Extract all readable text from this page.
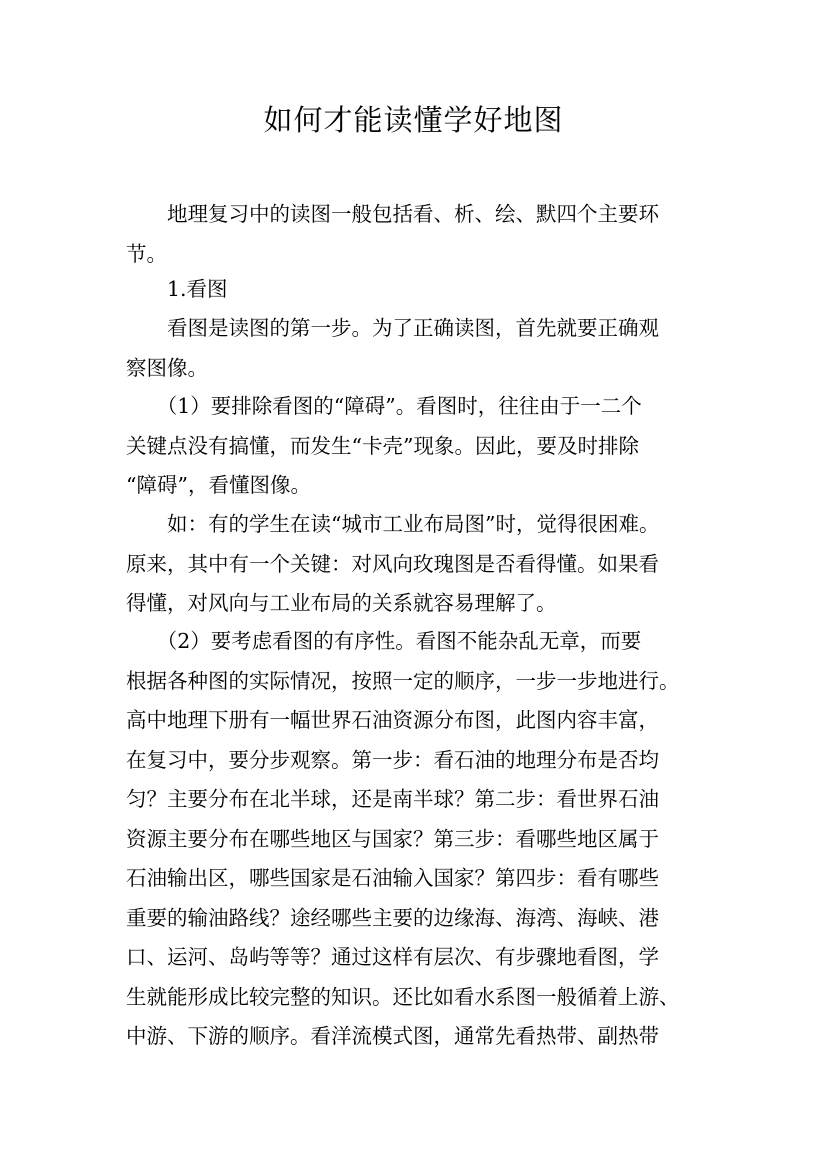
如何才能读懂学好地图
　　地理复习中的读图一般包括看、析、绘、默四个主要环
节。
　　1.看图
　　看图是读图的第一步。为了正确读图，首先就要正确观
察图像。
　　（1）要排除看图的“障碍”。看图时，往往由于一二个
关键点没有搞懂，而发生“卡壳”现象。因此，要及时排除
“障碍”，看懂图像。
　　如：有的学生在读“城市工业布局图”时，觉得很困难。
原来，其中有一个关键：对风向玫瑰图是否看得懂。如果看
得懂，对风向与工业布局的关系就容易理解了。
　　（2）要考虑看图的有序性。看图不能杂乱无章，而要
根据各种图的实际情况，按照一定的顺序，一步一步地进行。
高中地理下册有一幅世界石油资源分布图，此图内容丰富，
在复习中，要分步观察。第一步：看石油的地理分布是否均
匀？主要分布在北半球，还是南半球？第二步：看世界石油
资源主要分布在哪些地区与国家？第三步：看哪些地区属于
石油输出区，哪些国家是石油输入国家？第四步：看有哪些
重要的输油路线？途经哪些主要的边缘海、海湾、海峡、港
口、运河、岛屿等等？通过这样有层次、有步骤地看图，学
生就能形成比较完整的知识。还比如看水系图一般循着上游、
中游、下游的顺序。看洋流模式图，通常先看热带、副热带
